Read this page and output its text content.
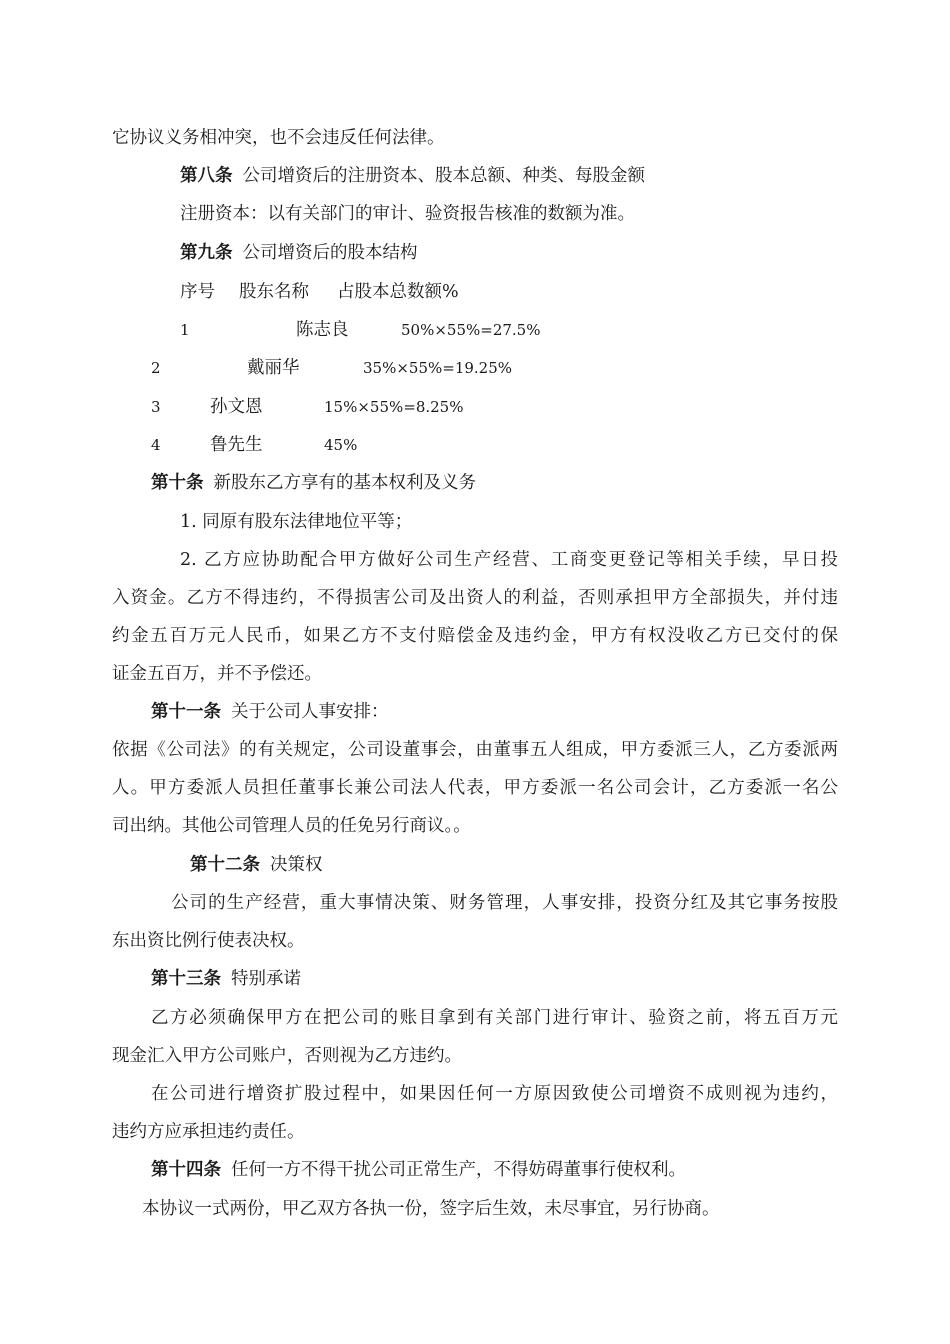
它协议义务相冲突，也不会违反任何法律。
第八条 公司增资后的注册资本、股本总额、种类、每股金额
注册资本：以有关部门的审计、验资报告核准的数额为准。
第九条 公司增资后的股本结构
序号 股东名称 占股本总数额%
1	陈志良	50%×55%=27.5%
2	戴丽华	35%×55%=19.25%
3	孙文恩	15%×55%=8.25%
4	鲁先生	45%
第十条 新股东乙方享有的基本权利及义务
1. 同原有股东法律地位平等；
2. 乙方应协助配合甲方做好公司生产经营、工商变更登记等相关手续，早日投
入资金。乙方不得违约，不得损害公司及出资人的利益，否则承担甲方全部损失，并付违
约金五百万元人民币，如果乙方不支付赔偿金及违约金，甲方有权没收乙方已交付的保
证金五百万，并不予偿还。
第十一条 关于公司人事安排：
依据《公司法》的有关规定，公司设董事会，由董事五人组成，甲方委派三人，乙方委派两
人。甲方委派人员担任董事长兼公司法人代表，甲方委派一名公司会计，乙方委派一名公
司出纳。其他公司管理人员的任免另行商议。。
第十二条 决策权
公司的生产经营，重大事情决策、财务管理，人事安排，投资分红及其它事务按股
东出资比例行使表决权。
第十三条 特别承诺
乙方必须确保甲方在把公司的账目拿到有关部门进行审计、验资之前，将五百万元
现金汇入甲方公司账户，否则视为乙方违约。
在公司进行增资扩股过程中，如果因任何一方原因致使公司增资不成则视为违约，
违约方应承担违约责任。
第十四条 任何一方不得干扰公司正常生产，不得妨碍董事行使权利。
本协议一式两份，甲乙双方各执一份，签字后生效，未尽事宜，另行协商。
